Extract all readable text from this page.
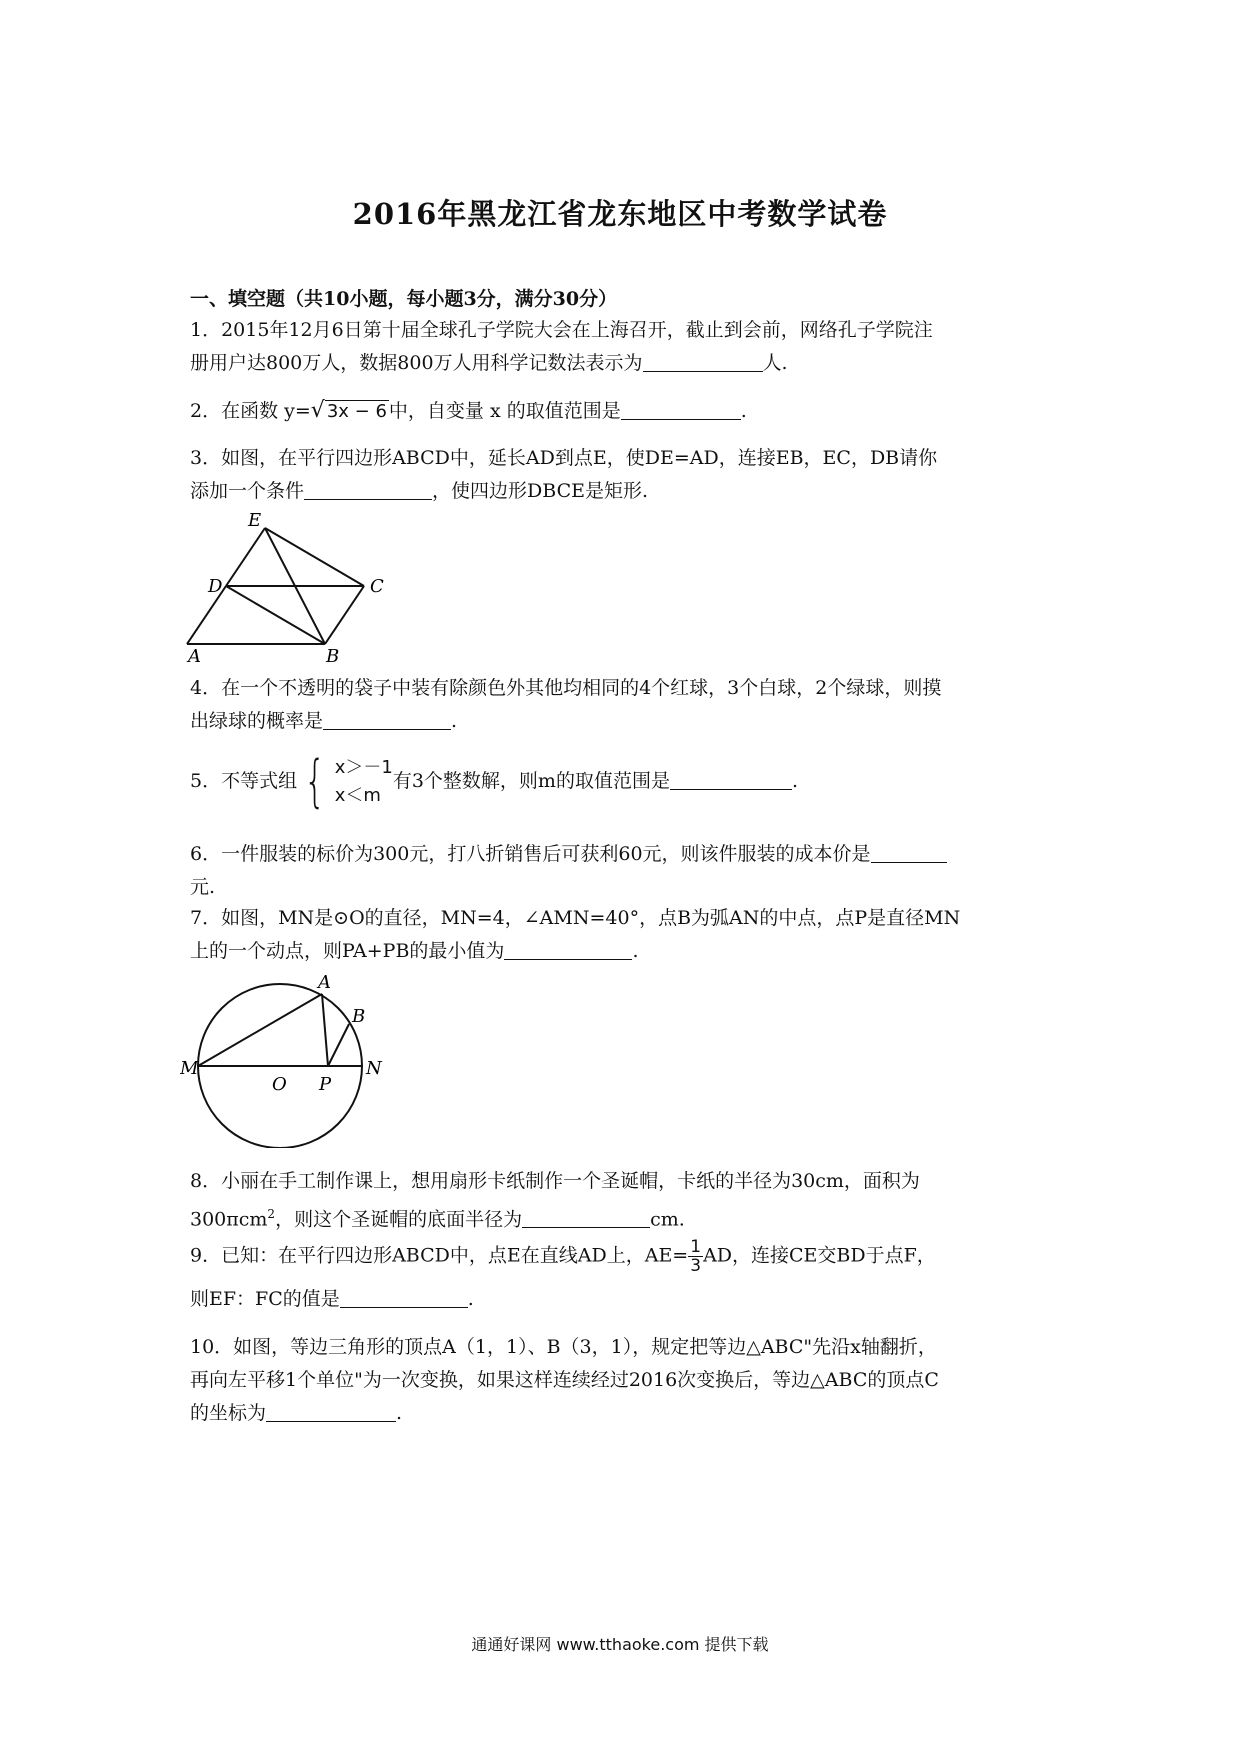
2016年黑龙江省龙东地区中考数学试卷
一、填空题（共10小题，每小题3分，满分30分）
1．2015年12月6日第十届全球孔子学院大会在上海召开，截止到会前，网络孔子学院注
册用户达800万人，数据800万人用科学记数法表示为	人.
2．在函数 y=√ 3x − 6 中，自变量 x 的取值范围是	.
3．如图，在平行四边形ABCD中，延长AD到点E，使DE=AD，连接EB，EC，DB请你
添加一个条件	，使四边形DBCE是矩形.
E
D	C
A	B
4．在一个不透明的袋子中装有除颜色外其他均相同的4个红球，3个白球，2个绿球，则摸
出绿球的概率是	.
5．不等式组 { x＞－1
x＜m
有3个整数解，则m的取值范围是	.
6．一件服装的标价为300元，打八折销售后可获利60元，则该件服装的成本价是
元.
7．如图，MN是⊙O的直径，MN=4，∠AMN=40°，点B为弧AN的中点，点P是直径MN
上的一个动点，则PA+PB的最小值为	.
M
O P
N
A
B
8．小丽在手工制作课上，想用扇形卡纸制作一个圣诞帽，卡纸的半径为30cm，面积为
300πcm$^2$，则这个圣诞帽的底面半径为	cm.
9．已知：在平行四边形ABCD中，点E在直线AD上，$AE= \frac{1}{3}$ AD，连接CE交BD于点F，
则EF：FC的值是	.
10．如图，等边三角形的顶点A（1，1）、B（3，1），规定把等边△ABC"先沿x轴翻折，
再向左平移1个单位"为一次变换，如果这样连续经过2016次变换后，等边△ABC的顶点C
的坐标为	.
通通好课网 www.tthaoke.com 提供下载
